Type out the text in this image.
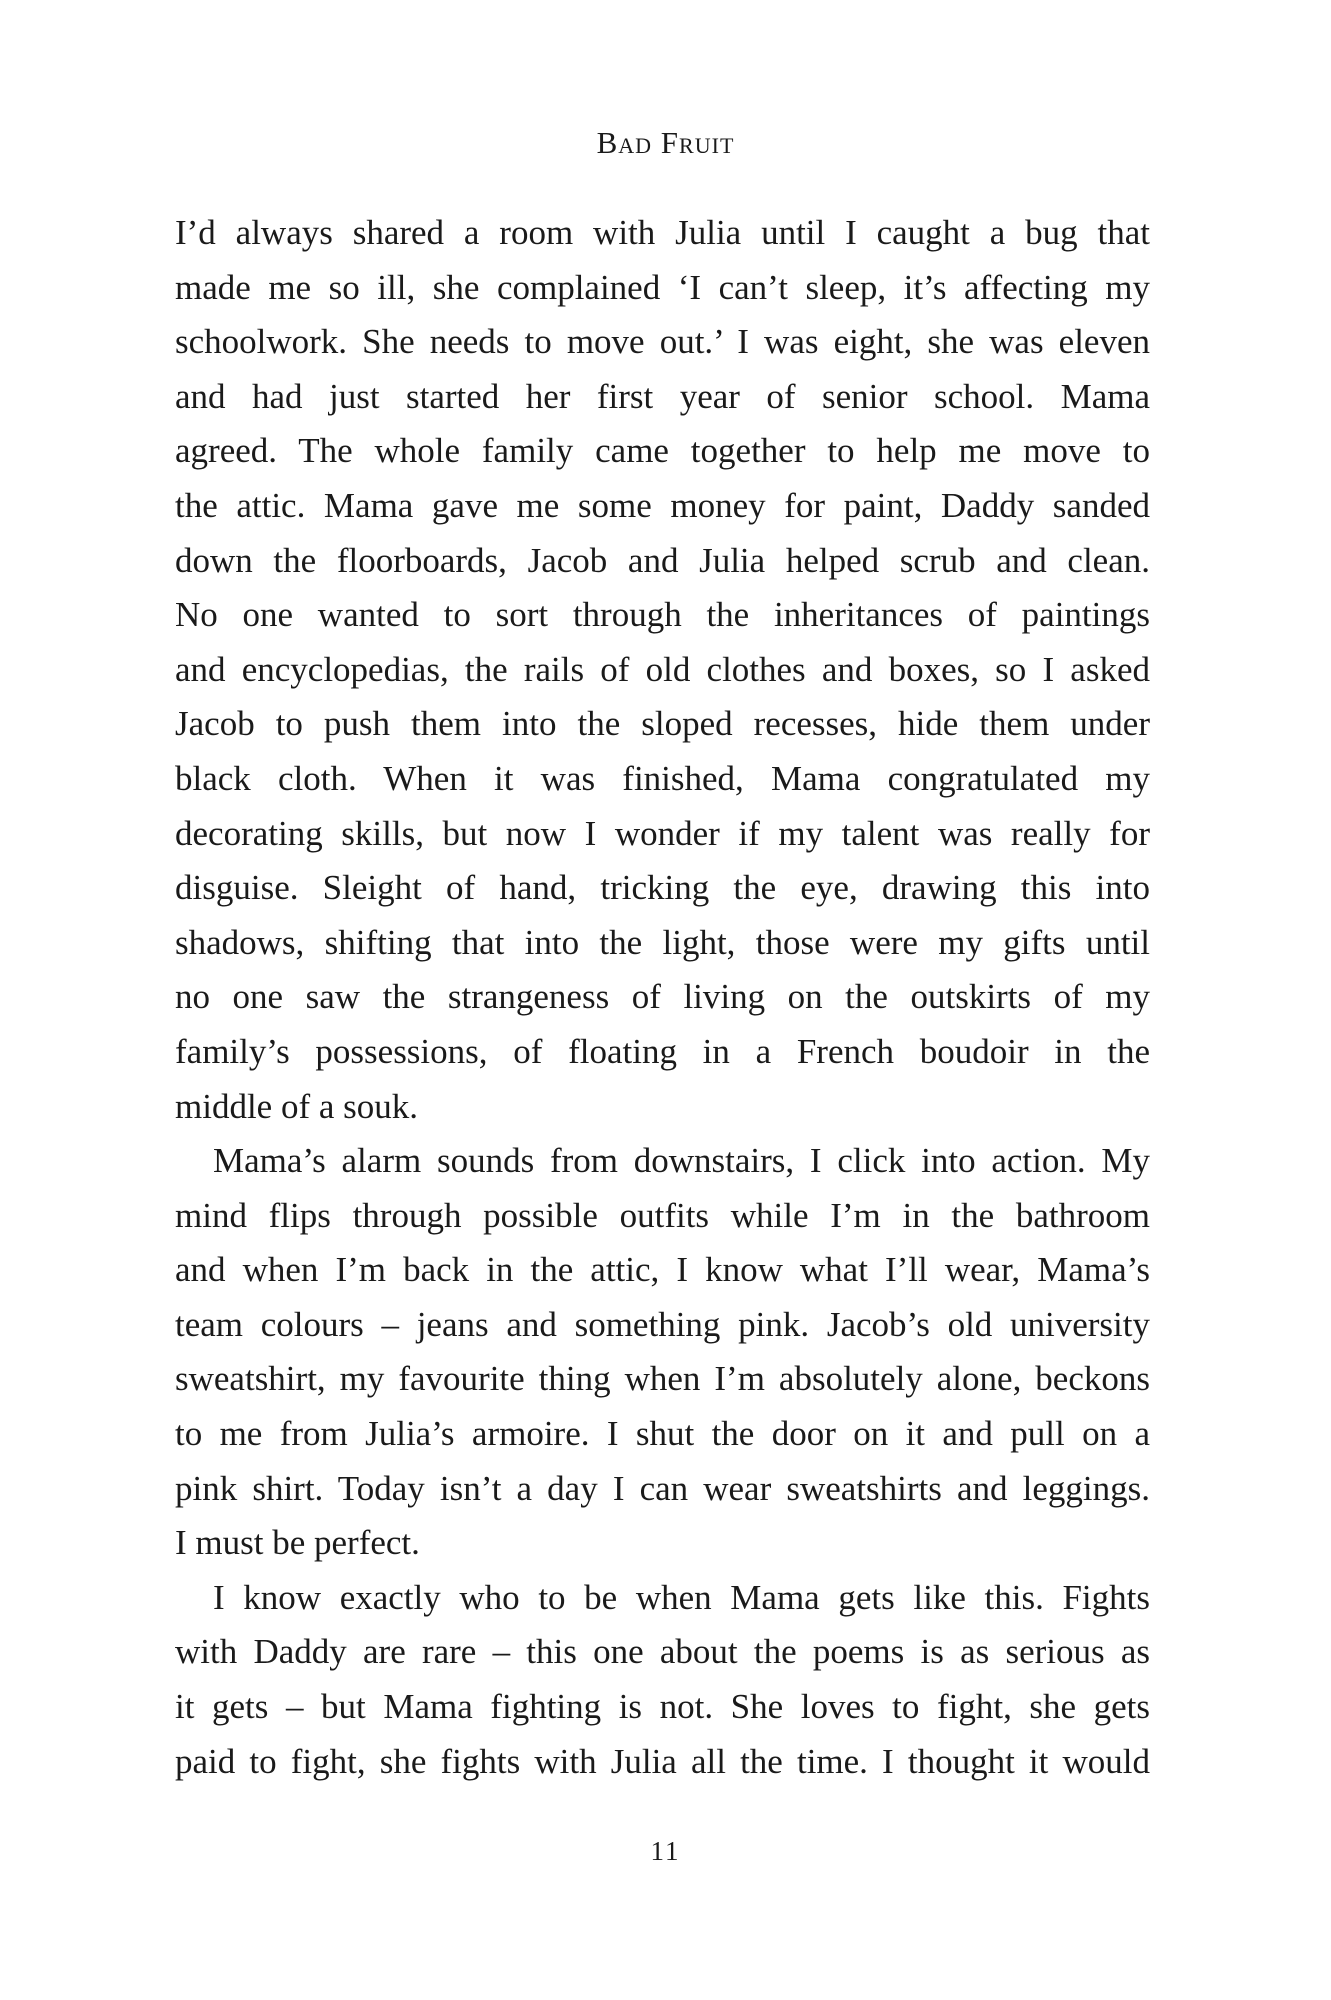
Bad Fruit
I’d always shared a room with Julia until I caught a bug that
made me so ill, she complained ‘I can’t sleep, it’s affecting my
schoolwork. She needs to move out.’ I was eight, she was eleven
and had just started her first year of senior school. Mama
agreed. The whole family came together to help me move to
the attic. Mama gave me some money for paint, Daddy sanded
down the floorboards, Jacob and Julia helped scrub and clean.
No one wanted to sort through the inheritances of paintings
and encyclopedias, the rails of old clothes and boxes, so I asked
Jacob to push them into the sloped recesses, hide them under
black cloth. When it was finished, Mama congratulated my
decorating skills, but now I wonder if my talent was really for
disguise. Sleight of hand, tricking the eye, drawing this into
shadows, shifting that into the light, those were my gifts until
no one saw the strangeness of living on the outskirts of my
family’s possessions, of floating in a French boudoir in the
middle of a souk.
Mama’s alarm sounds from downstairs, I click into action. My
mind flips through possible outfits while I’m in the bathroom
and when I’m back in the attic, I know what I’ll wear, Mama’s
team colours – jeans and something pink. Jacob’s old university
sweatshirt, my favourite thing when I’m absolutely alone, beckons
to me from Julia’s armoire. I shut the door on it and pull on a
pink shirt. Today isn’t a day I can wear sweatshirts and leggings.
I must be perfect.
I know exactly who to be when Mama gets like this. Fights
with Daddy are rare – this one about the poems is as serious as
it gets – but Mama fighting is not. She loves to fight, she gets
paid to fight, she fights with Julia all the time. I thought it would
11
